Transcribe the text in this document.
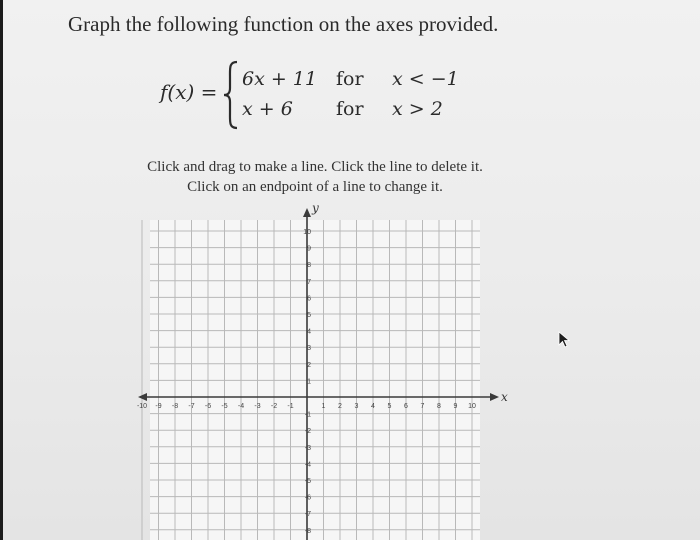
Graph the following function on the axes provided.
f(x) =
6x + 11 for x < −1
x + 6 for x > 2
Click and drag to make a line. Click the line to delete it.
Click on an endpoint of a line to change it.
x
y
-10 -9 -8 -7 -6 -5 -4 -3 -2 -1	1 2 3 4 5 6 7 8 9 10
10
9
8
7
6
5
4
3
2
1
-1
-2
-3
-4
-5
-6
-7
-8
